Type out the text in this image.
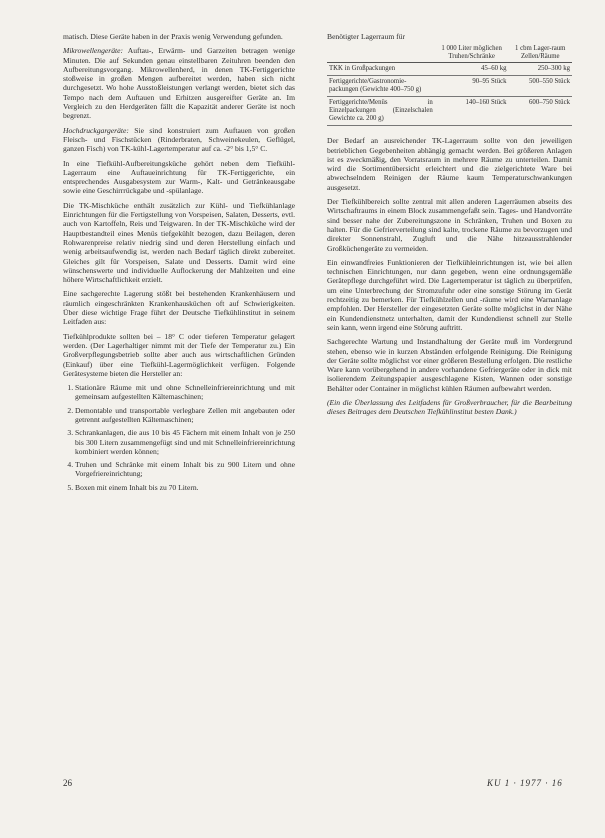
matisch. Diese Geräte haben in der Praxis wenig Verwendung gefunden.

Mikrowellengeräte: Auftau-, Erwärm- und Garzeiten betragen wenige Minuten. Die auf Sekunden genau einstellbaren Zeituhren beenden den Aufbereitungsvorgang. Mikrowellenherd, in denen TK-Fertiggerichte stoßweise in großen Mengen aufbereitet werden, haben sich nicht durchgesetzt. Wo hohe Ausstoßleistungen verlangt werden, bietet sich das Tempo nach dem Auftauen und Erhitzen ausgereifter Geräte an. Im Vergleich zu den Herdgeräten fällt die Kapazität anderer Geräte ist noch begrenzt.

Hochdruckgargeräte: Sie sind konstruiert zum Auftauen von großen Fleisch- und Fischstücken (Rinderbraten, Schweinekeulen, Geflügel, ganzen Fisch) von TK-kühl-Lagertemperatur auf ca. -2° bis 1,5° C.

In eine Tiefkühl-Aufbereitungsküche gehört neben dem Tiefkühl-Lagerraum eine Auftaueinrichtung für TK-Fertiggerichte, ein entsprechendes Ausgabesystem zur Warm-, Kalt- und Getränkeausgabe sowie eine Geschirrrückgabe und -spülanlage.

Die TK-Mischküche enthält zusätzlich zur Kühl- und Tiefkühlanlage Einrichtungen für die Fertigstellung von Vorspeisen, Salaten, Desserts, evtl. auch von Kartoffeln, Reis und Teigwaren. In der TK-Mischküche wird der Hauptbestandteil eines Menüs tiefgekühlt bezogen, dazu Beilagen, deren Rohwarenpreise relativ niedrig sind und deren Herstellung einfach und wenig arbeitsaufwendig ist, werden nach Bedarf täglich direkt zubereitet. Gleiches gilt für Vorspeisen, Salate und Desserts. Damit wird eine wünschenswerte und individuelle Auflockerung der Mahlzeiten und eine höhere Wirtschaftlichkeit erzielt.

Eine sachgerechte Lagerung stößt bei bestehenden Krankenhäusern und räumlich eingeschränkten Krankenhausküchen oft auf Schwierigkeiten. Über diese wichtige Frage führt der Deutsche Tiefkühlinstitut in seinem Leitfaden aus:

Tiefkühlprodukte sollten bei – 18° C oder tieferen Temperatur gelagert werden. (Der Lagerhaltiger nimmt mit der Tiefe der Temperatur zu.) Ein Großverpflegungsbetrieb sollte aber auch aus wirtschaftlichen Gründen (Einkauf) über eine Tiefkühl-Lagermöglichkeit verfügen. Folgende Gerätesysteme bieten die Hersteller an:

1. Stationäre Räume mit und ohne Schnelleinfriereinrichtung und mit gemeinsam aufgestellten Kältemaschinen;
2. Demontable und transportable verlegbare Zellen mit angebauten oder getrennt aufgestellten Kältemaschinen;
3. Schrankanlagen, die aus 10 bis 45 Fächern mit einem Inhalt von je 250 bis 300 Litern zusammengefügt sind und mit Schnelleinfriereinrichtung kombiniert werden können;
4. Truhen und Schränke mit einem Inhalt bis zu 900 Litern und ohne Vorgefriereinrichtung;
5. Boxen mit einem Inhalt bis zu 70 Litern.
Benötigter Lagerraum für
	1 000 Liter möglichen Truhen/Schränke	1 cbm Lager-raum Zellen/Räume
TKK in Großpackungen	45–60 kg	250–300 kg
Fertiggerichte/Gastronomie-packungen (Gewichte 400–750 g)	90–95 Stück	500–550 Stück
Fertiggerichte/Menüs in Einzelpackungen (Einzelschalen Gewichte ca. 200 g)	140–160 Stück	600–750 Stück

Der Bedarf an ausreichender TK-Lagerraum sollte von den jeweiligen betrieblichen Gegebenheiten abhängig gemacht werden. Bei größeren Anlagen ist es zweckmäßig, den Vorratsraum in mehrere Räume zu unterteilen. Damit wird die Sortimentübersicht erleichtert und die zielgerichtete Ware bei abwechselndem Reinigen der Räume kaum Temperaturschwankungen ausgesetzt.

Der Tiefkühlbereich sollte zentral mit allen anderen Lagerräumen abseits des Wirtschaftraums in einem Block zusammengefaßt sein. Tages- und Handvorräte sind besser nahe der Zubereitungszone in Schränken, Truhen und Boxen zu halten. Für die Gefrierverteilung sind kalte, trockene Räume zu bevorzugen und direkter Sonnenstrahl, Zugluft und die Nähe hitzeausstrahlender Großküchengeräte zu vermeiden.

Ein einwandfreies Funktionieren der Tiefkühleinrichtungen ist, wie bei allen technischen Einrichtungen, nur dann gegeben, wenn eine ordnungsgemäße Gerätepflege durchgeführt wird. Die Lagertemperatur ist täglich zu überprüfen, um eine Unterbrechung der Stromzufuhr oder eine sonstige Störung im Gerät rechtzeitig zu bemerken. Für Tiefkühlzellen und -räume wird eine Warnanlage empfohlen. Der Hersteller der eingesetzten Geräte sollte möglichst in der Nähe ein Kundendienstnetz unterhalten, damit der Kundendienst schnell zur Stelle sein kann, wenn irgend eine Störung auftritt.

Sachgerechte Wartung und Instandhaltung der Geräte muß im Vordergrund stehen, ebenso wie in kurzen Abständen erfolgende Reinigung. Die Reinigung der Geräte sollte möglichst vor einer größeren Bestellung erfolgen. Die restliche Ware kann vorübergehend in andere vorhandene Gefriergeräte oder in dick mit isolierendem Zeitungspapier ausgeschlagene Kisten, Wannen oder sonstige Behälter oder Container in möglichst kühlen Räumen aufbewahrt werden.

(Ein die Überlassung des Leitfadens für Großverbraucher, für die Bearbeitung dieses Beitrages dem Deutschen Tiefkühlinstitut besten Dank.)

26	KU 1 · 1977 · 16
